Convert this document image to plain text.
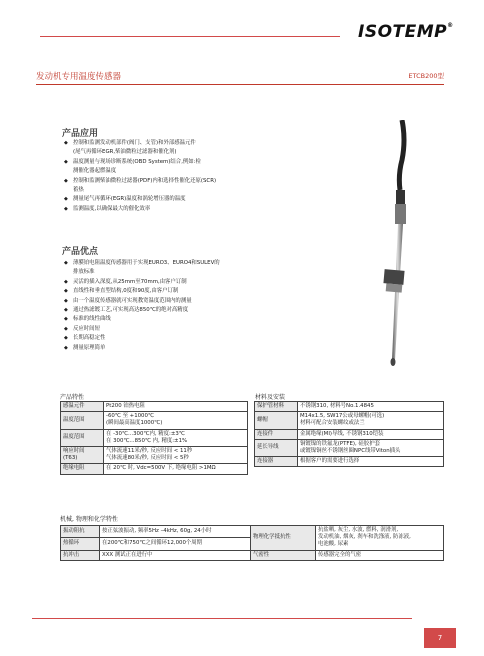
ISOTEMP®
发动机专用温度传感器	ETCB200型
产品应用
◆ 控制和监测发动机部件(阀门、支管)和外部感温元件
(尾气再循环EGR,柴油微粒过滤器和催化剂)
◆ 温度测量与现场诊断系统(OBD System)结合,例如:检
测催化器起燃温度
◆ 控制和监测柴油微粒过滤器(PDF)内和选择性催化还原(SCR)
蓄热
◆ 测量尾气再循环(EGR)温度和涡轮增压器的温度
◆ 监测温度,以确保最大的催化效率
产品优点
◆ 薄膜铂电阻温度传感器用于实现EURO3、EURO4和SULEV的
排放标准
◆ 灵活的插入深度,从25mm至70mm,由客户订制
◆ 直线性和垂直型结构,0度和90度,由客户订制
◆ 由一个温度传感器就可实现教宽温度范围内的测量
◆ 通过热滤镀工艺,可实现高达850℃的绝对高精度
◆ 标准的线性曲线
◆ 反应时间短
◆ 长期高稳定性
◆ 测量原理简单
产品特性
感温元件	Pt200 铂热电阻
温度范围	-60℃ 至 +1000℃
(瞬间最高温度1000℃)
温度范围	在 -30℃...300℃内, 精度:±3℃
在 300℃...850℃ 内, 精度:±1%
响应时间
(T63)	气体流速11米/秒, 反应时间 < 11秒
气体流速80米/秒, 反应时间 < 5秒
绝缘电阻	在 20℃ 时, Vdc=500V 下, 绝缘电阻 >1MΩ
材料及安装
保护管材料	不锈钢310, 材料号No.1.4845
螺帽	M14x1.5, SW17公或母螺帽(可选)
材料可配合安装螺纹或法兰
连接件	金属绝缘(MI)导线, 不锈钢310铠装
延长导线	铜镀镍的铁氟龙(PTFE), 硅胶护套
或镀镍铜丝不锈钢丝圈NPC线带Viton插头
连接器	根据客户的需要进行选择
机械, 物理和化学特性
振动阻抗	按正弦波振动, 频率5Hz –4kHz, 60g, 24小时	物理化学抵抗性	抗盐晒, 灰尘, 水波, 燃料, 润滑剂,
发动机油, 烟灰, 刹车和洗涤液, 防冻液,
电池酸, 尿素
热循环	在200℃和750℃之间循环12,000个周期		
抗冲击	XXX 测试正在进行中	气密性	传感器完全的气密
7
